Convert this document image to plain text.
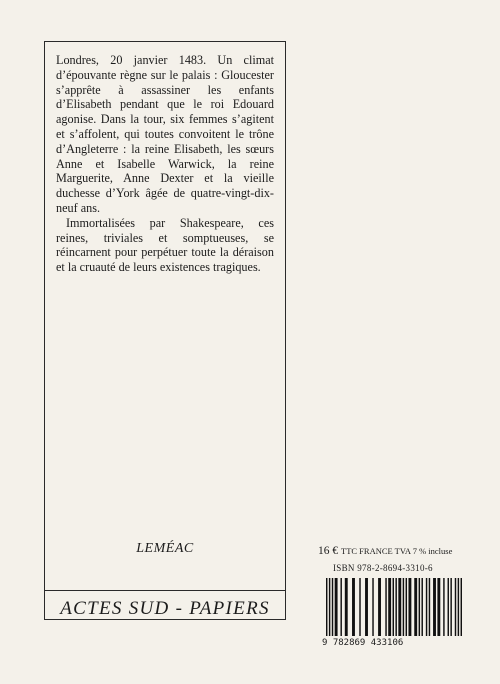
Londres, 20 janvier 1483. Un climat d’épouvante règne sur le palais : Gloucester s’apprête à assassiner les enfants d’Elisabeth pendant que le roi Edouard agonise. Dans la tour, six femmes s’agitent et s’affolent, qui toutes convoitent le trône d’Angleterre : la reine Elisabeth, les sœurs Anne et Isabelle Warwick, la reine Marguerite, Anne Dexter et la vieille duchesse d’York âgée de quatre-vingt-dix-neuf ans.

Immortalisées par Shakespeare, ces reines, triviales et somptueuses, se réincarnent pour perpétuer toute la déraison et la cruauté de leurs existences tragiques.

LEMÉAC
ACTES SUD - PAPIERS
16 € TTC FRANCE TVA 7 % incluse
ISBN 978-2-8694-3310-6
9 782869 433106
